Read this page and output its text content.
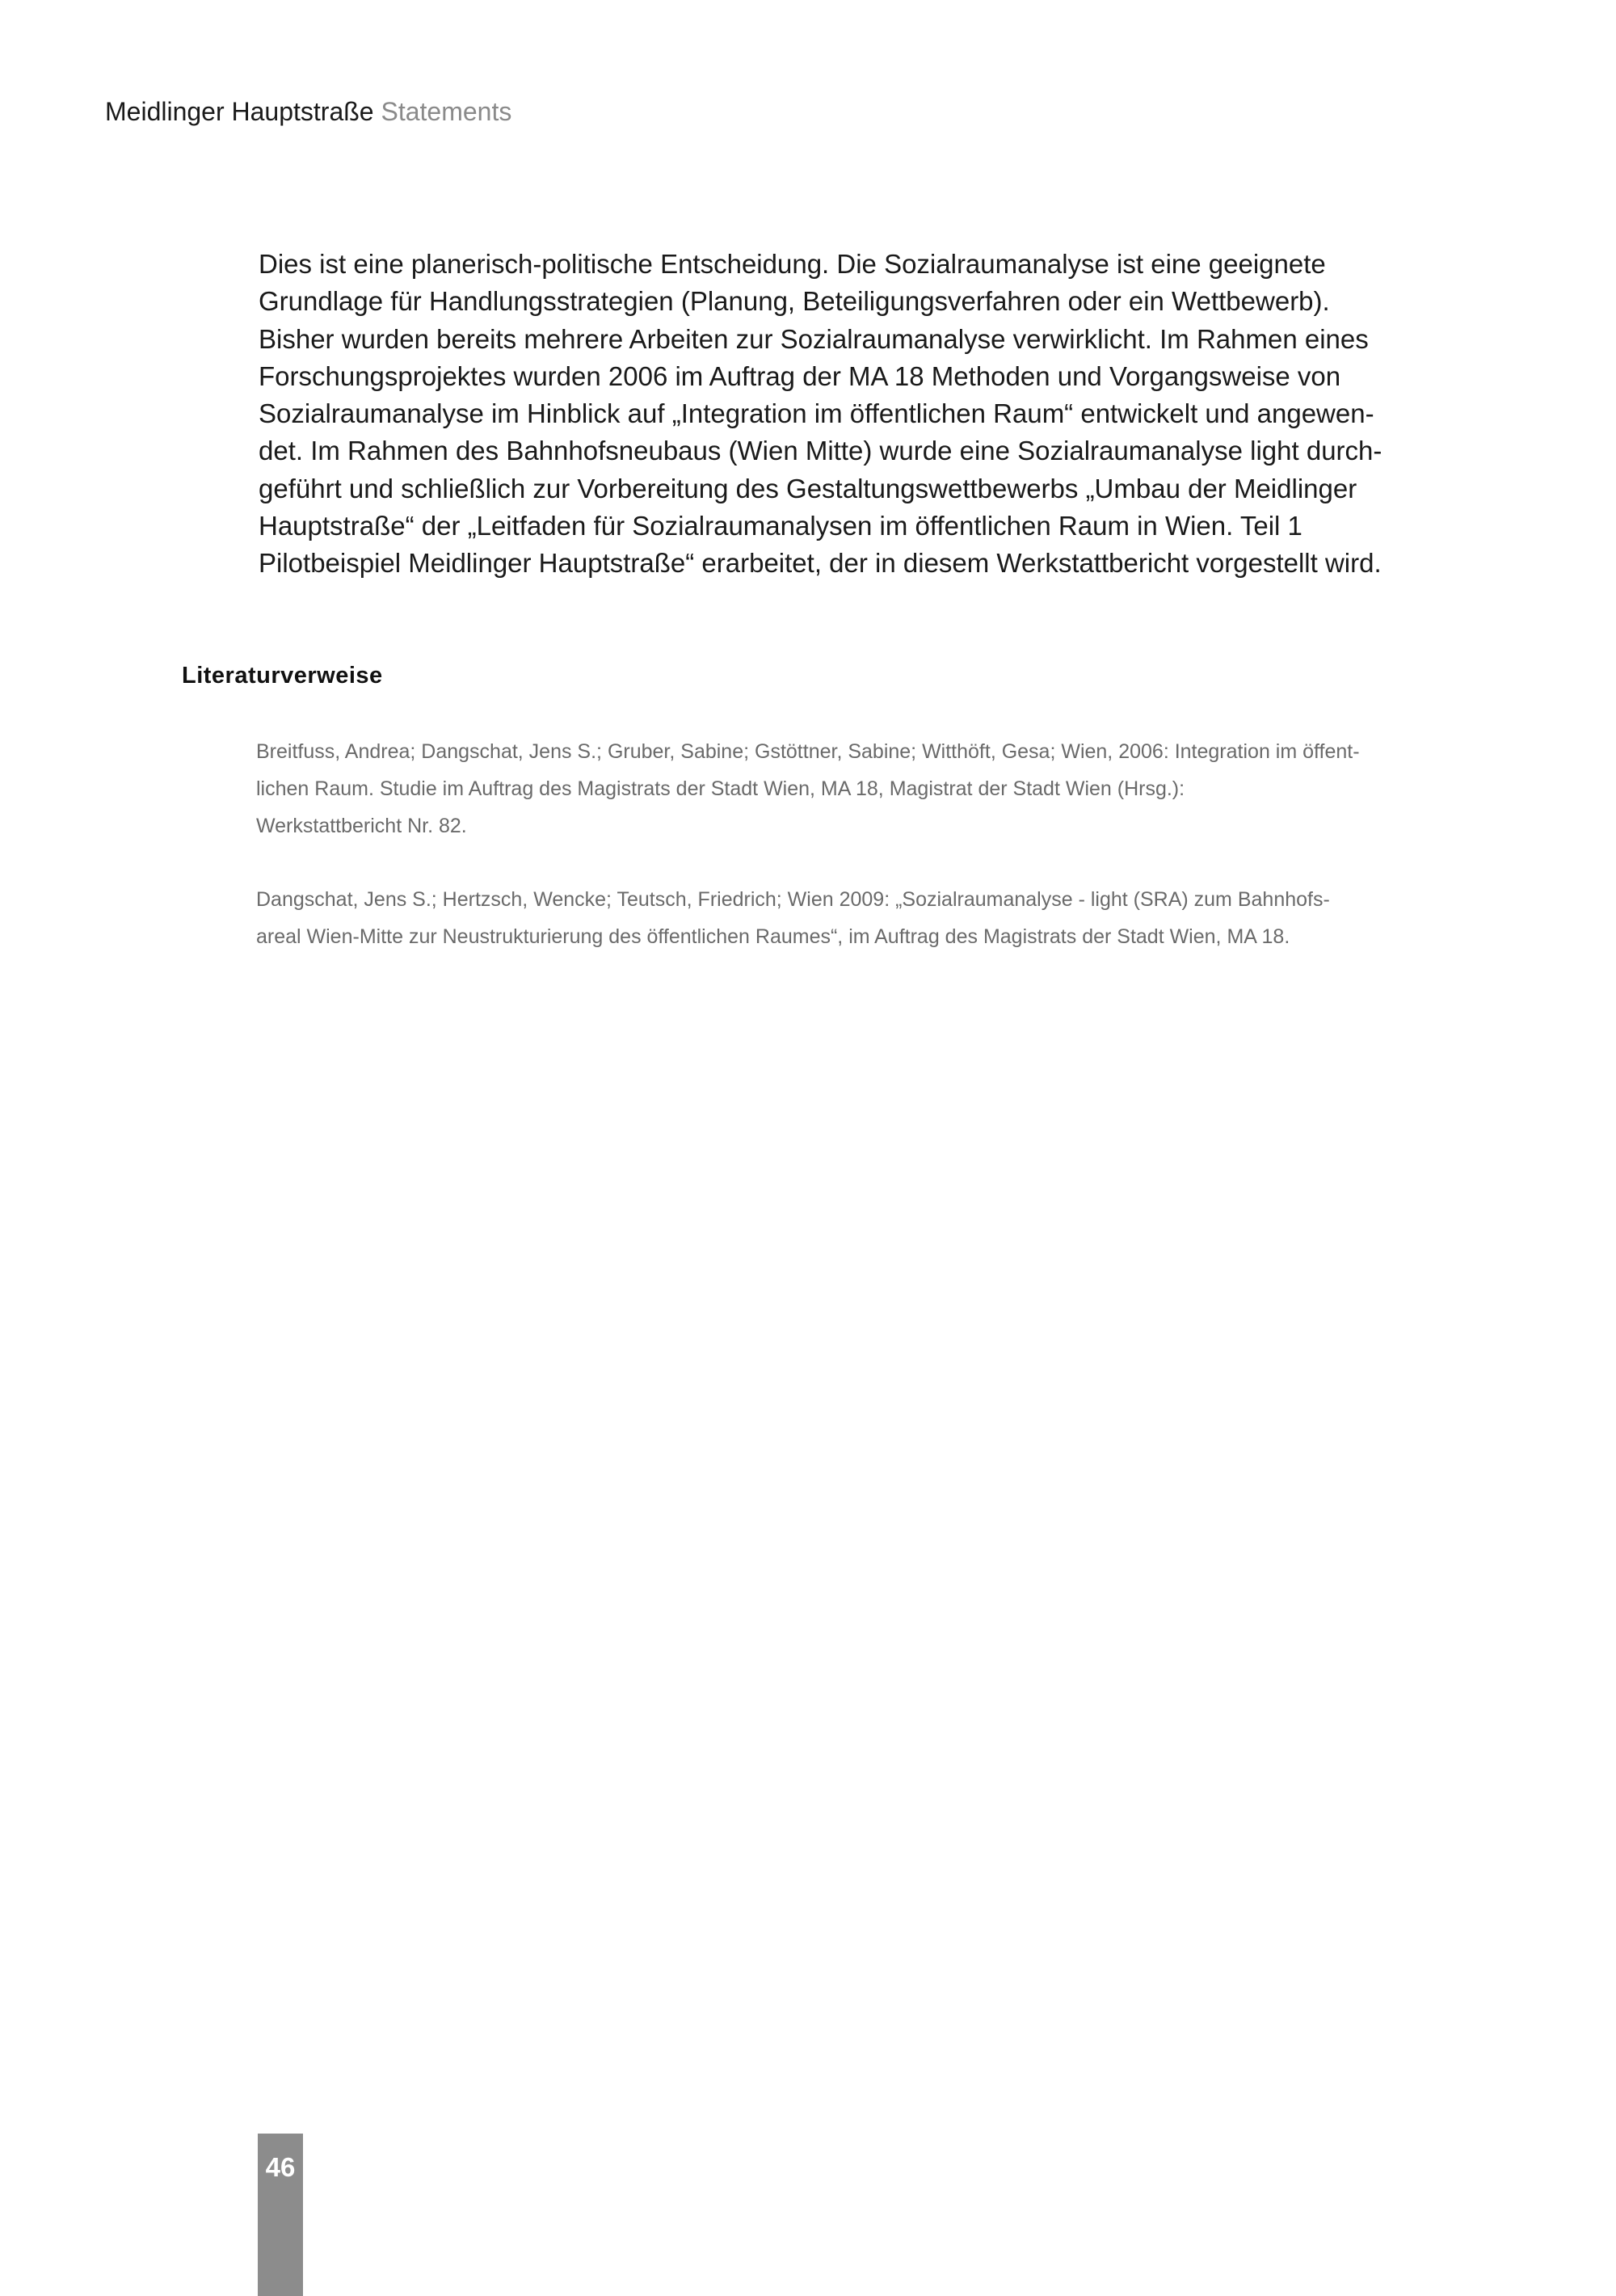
Meidlinger Hauptstraße Statements

Dies ist eine planerisch-politische Entscheidung. Die Sozialraumanalyse ist eine geeignete
Grundlage für Handlungsstrategien (Planung, Beteiligungsverfahren oder ein Wettbewerb).
Bisher wurden bereits mehrere Arbeiten zur Sozialraumanalyse verwirklicht. Im Rahmen eines
Forschungsprojektes wurden 2006 im Auftrag der MA 18 Methoden und Vorgangsweise von
Sozialraumanalyse im Hinblick auf „Integration im öffentlichen Raum“ entwickelt und angewen-
det. Im Rahmen des Bahnhofsneubaus (Wien Mitte) wurde eine Sozialraumanalyse light durch-
geführt und schließlich zur Vorbereitung des Gestaltungswettbewerbs „Umbau der Meidlinger
Hauptstraße“ der „Leitfaden für Sozialraumanalysen im öffentlichen Raum in Wien. Teil 1
Pilotbeispiel Meidlinger Hauptstraße“ erarbeitet, der in diesem Werkstattbericht vorgestellt wird.

Literaturverweise

Breitfuss, Andrea; Dangschat, Jens S.; Gruber, Sabine; Gstöttner, Sabine; Witthöft, Gesa; Wien, 2006: Integration im öffent-
lichen Raum. Studie im Auftrag des Magistrats der Stadt Wien, MA 18, Magistrat der Stadt Wien (Hrsg.):
Werkstattbericht Nr. 82.

Dangschat, Jens S.; Hertzsch, Wencke; Teutsch, Friedrich; Wien 2009: „Sozialraumanalyse - light (SRA) zum Bahnhofs-
areal Wien-Mitte zur Neustrukturierung des öffentlichen Raumes“, im Auftrag des Magistrats der Stadt Wien, MA 18.

46
